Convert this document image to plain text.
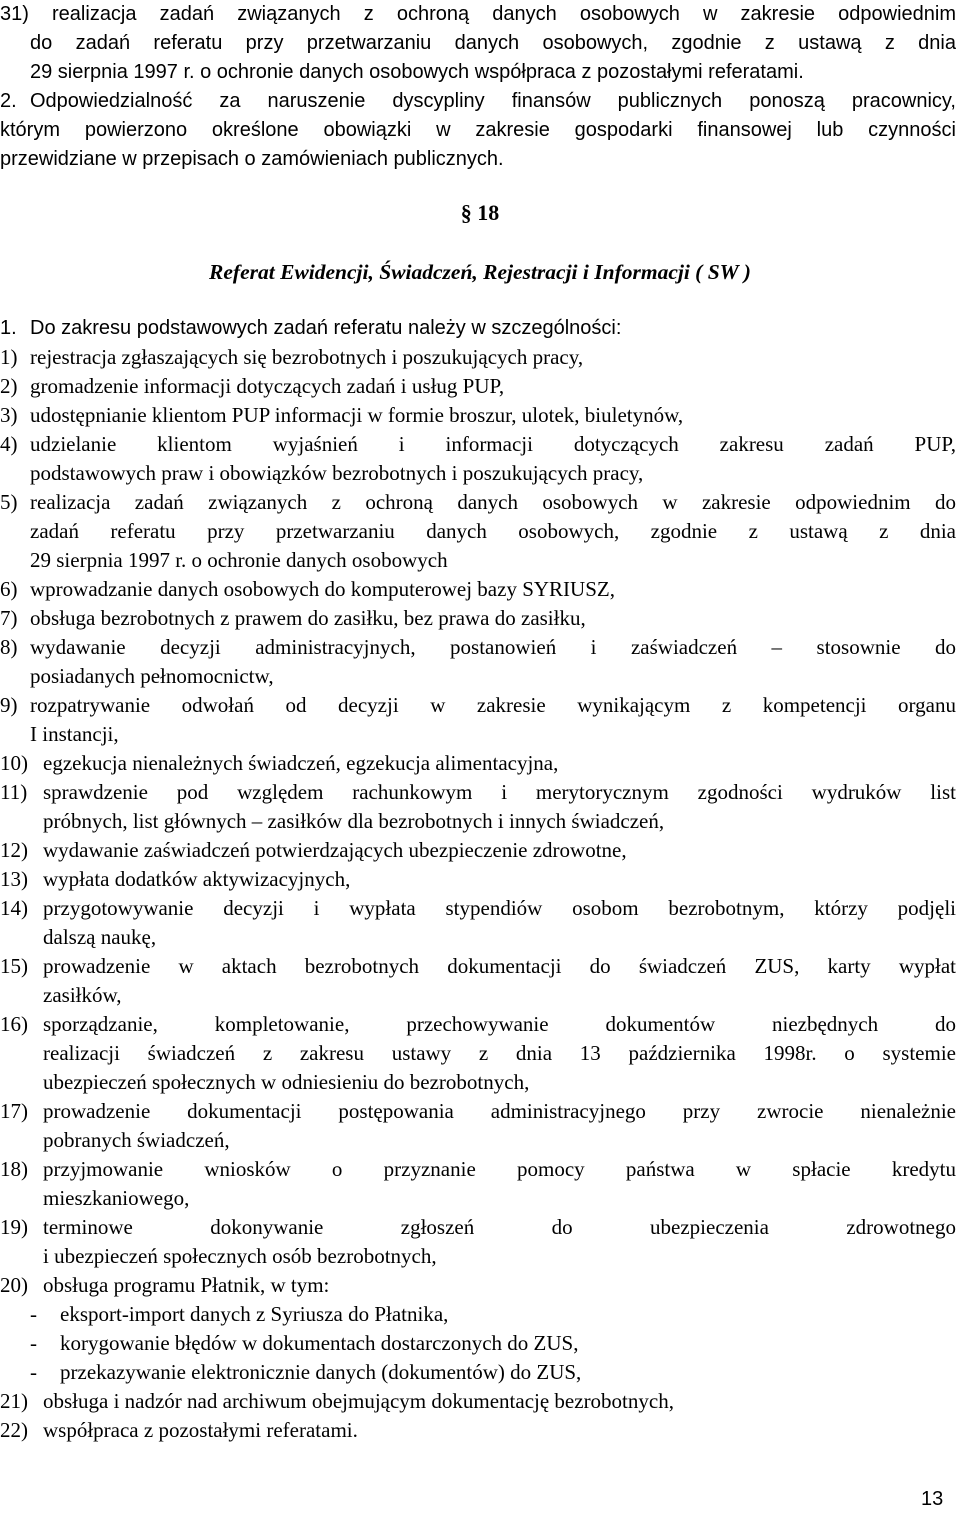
31) realizacja zadań związanych z ochroną danych osobowych w zakresie odpowiednim
do zadań referatu przy przetwarzaniu danych osobowych, zgodnie z ustawą z dnia
29 sierpnia 1997 r. o ochronie danych osobowych współpraca z pozostałymi referatami.
2. Odpowiedzialność za naruszenie dyscypliny finansów publicznych ponoszą pracownicy,
którym powierzono określone obowiązki w zakresie gospodarki finansowej lub czynności
przewidziane w przepisach o zamówieniach publicznych.
§ 18
Referat Ewidencji, Świadczeń, Rejestracji i Informacji ( SW )
1. Do zakresu podstawowych zadań referatu należy w szczególności:
1) rejestracja zgłaszających się bezrobotnych i poszukujących pracy,
2) gromadzenie informacji dotyczących zadań i usług PUP,
3) udostępnianie klientom PUP informacji w formie broszur, ulotek, biuletynów,
4) udzielanie klientom wyjaśnień i informacji dotyczących zakresu zadań PUP,
podstawowych praw i obowiązków bezrobotnych i poszukujących pracy,
5) realizacja zadań związanych z ochroną danych osobowych w zakresie odpowiednim do
zadań referatu przy przetwarzaniu danych osobowych, zgodnie z ustawą z dnia
29 sierpnia 1997 r. o ochronie danych osobowych
6) wprowadzanie danych osobowych do komputerowej bazy SYRIUSZ,
7) obsługa bezrobotnych z prawem do zasiłku, bez prawa do zasiłku,
8) wydawanie decyzji administracyjnych, postanowień i zaświadczeń – stosownie do
posiadanych pełnomocnictw,
9) rozpatrywanie odwołań od decyzji w zakresie wynikającym z kompetencji organu
I instancji,
10) egzekucja nienależnych świadczeń, egzekucja alimentacyjna,
11) sprawdzenie pod względem rachunkowym i merytorycznym zgodności wydruków list
próbnych, list głównych – zasiłków dla bezrobotnych i innych świadczeń,
12) wydawanie zaświadczeń potwierdzających ubezpieczenie zdrowotne,
13) wypłata dodatków aktywizacyjnych,
14) przygotowywanie decyzji i wypłata stypendiów osobom bezrobotnym, którzy podjęli
dalszą naukę,
15) prowadzenie w aktach bezrobotnych dokumentacji do świadczeń ZUS, karty wypłat
zasiłków,
16) sporządzanie, kompletowanie, przechowywanie dokumentów niezbędnych do
realizacji świadczeń z zakresu ustawy z dnia 13 października 1998r. o systemie
ubezpieczeń społecznych w odniesieniu do bezrobotnych,
17) prowadzenie dokumentacji postępowania administracyjnego przy zwrocie nienależnie
pobranych świadczeń,
18) przyjmowanie wniosków o przyznanie pomocy państwa w spłacie kredytu
mieszkaniowego,
19) terminowe dokonywanie zgłoszeń do ubezpieczenia zdrowotnego
i ubezpieczeń społecznych osób bezrobotnych,
20) obsługa programu Płatnik, w tym:
- eksport-import danych z Syriusza do Płatnika,
- korygowanie błędów w dokumentach dostarczonych do ZUS,
- przekazywanie elektronicznie danych (dokumentów) do ZUS,
21) obsługa i nadzór nad archiwum obejmującym dokumentację bezrobotnych,
22) współpraca z pozostałymi referatami.
13
